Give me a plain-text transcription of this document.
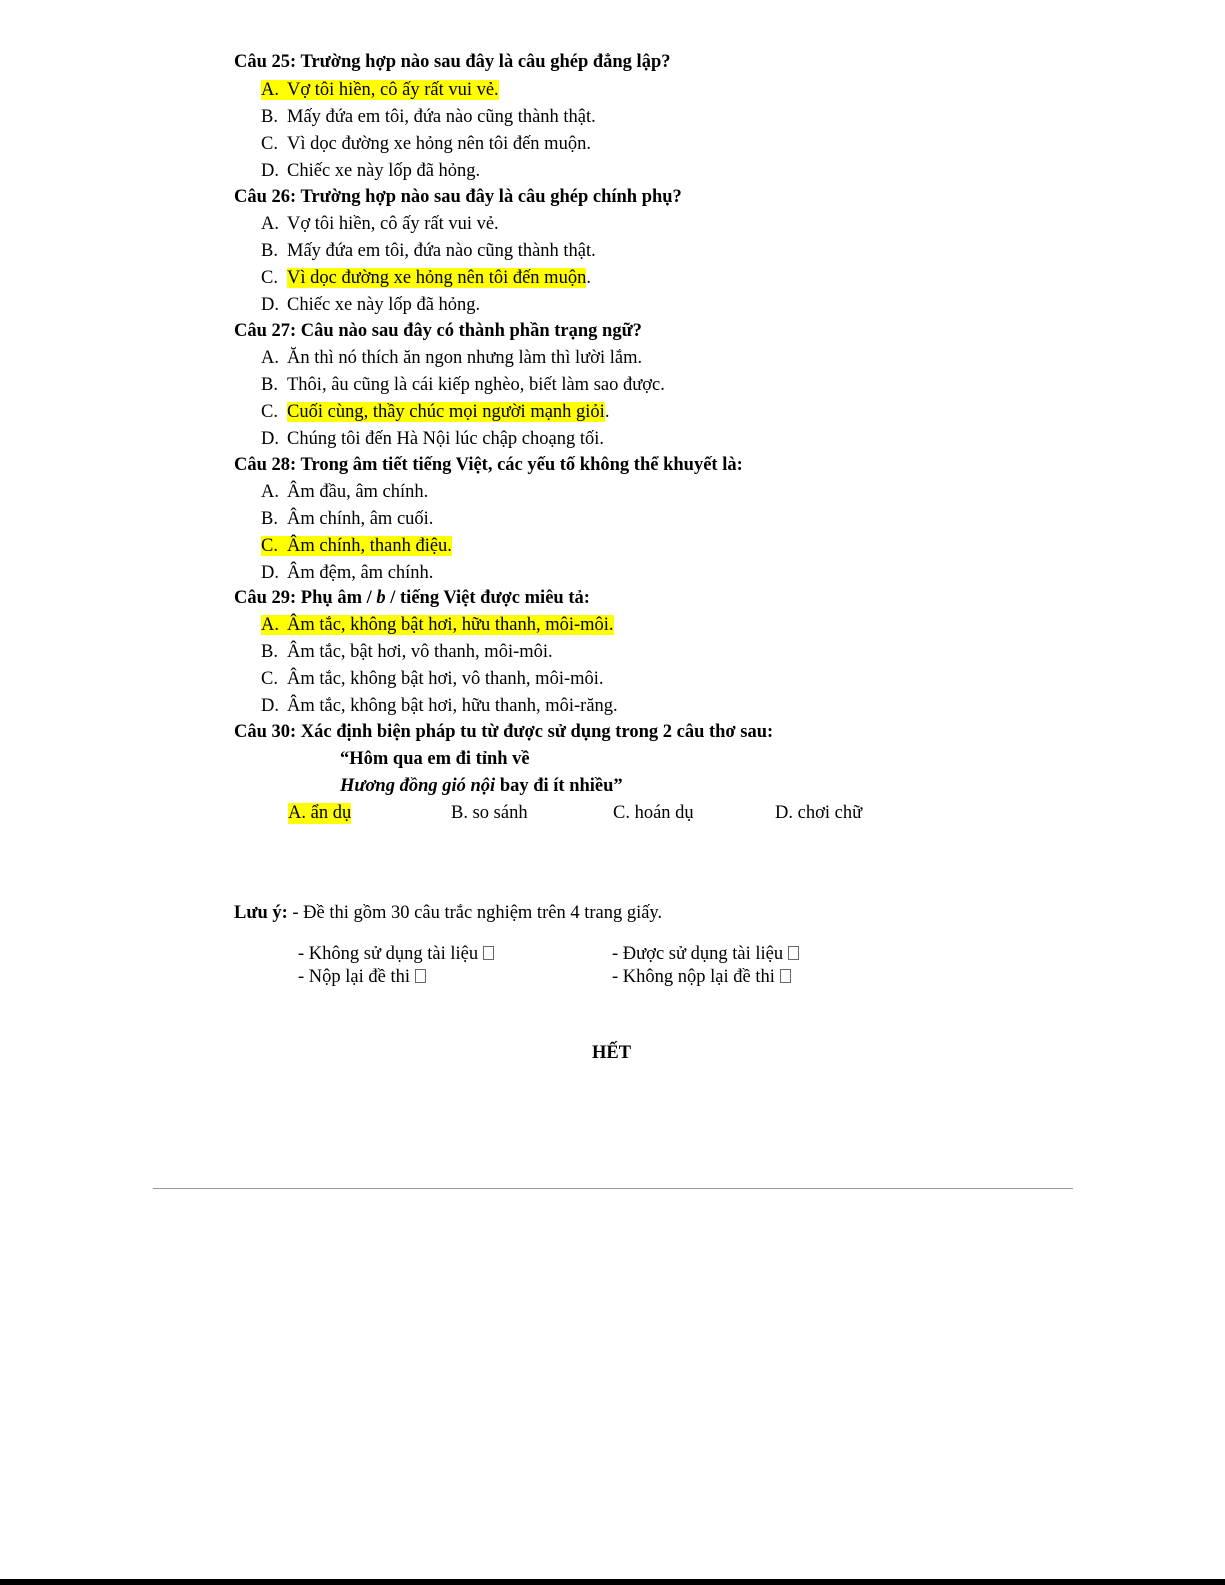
Câu 25: Trường hợp nào sau đây là câu ghép đẳng lập?
A. Vợ tôi hiền, cô ấy rất vui vẻ.
B. Mấy đứa em tôi, đứa nào cũng thành thật.
C. Vì dọc đường xe hỏng nên tôi đến muộn.
D. Chiếc xe này lốp đã hỏng.
Câu 26: Trường hợp nào sau đây là câu ghép chính phụ?
A. Vợ tôi hiền, cô ấy rất vui vẻ.
B. Mấy đứa em tôi, đứa nào cũng thành thật.
C. Vì dọc đường xe hỏng nên tôi đến muộn.
D. Chiếc xe này lốp đã hỏng.
Câu 27: Câu nào sau đây có thành phần trạng ngữ?
A. Ăn thì nó thích ăn ngon nhưng làm thì lười lắm.
B. Thôi, âu cũng là cái kiếp nghèo, biết làm sao được.
C. Cuối cùng, thầy chúc mọi người mạnh giỏi.
D. Chúng tôi đến Hà Nội lúc chập choạng tối.
Câu 28: Trong âm tiết tiếng Việt, các yếu tố không thể khuyết là:
A. Âm đầu, âm chính.
B. Âm chính, âm cuối.
C. Âm chính, thanh điệu.
D. Âm đệm, âm chính.
Câu 29: Phụ âm / b / tiếng Việt được miêu tả:
A. Âm tắc, không bật hơi, hữu thanh, môi-môi.
B. Âm tắc, bật hơi, vô thanh, môi-môi.
C. Âm tắc, không bật hơi, vô thanh, môi-môi.
D. Âm tắc, không bật hơi, hữu thanh, môi-răng.
Câu 30: Xác định biện pháp tu từ được sử dụng trong 2 câu thơ sau:
“Hôm qua em đi tỉnh về
Hương đồng gió nội bay đi ít nhiều”
A. ẩn dụ	B. so sánh	C. hoán dụ	D. chơi chữ
Lưu ý: - Đề thi gồm 30 câu trắc nghiệm trên 4 trang giấy.
- Không sử dụng tài liệu	- Được sử dụng tài liệu
- Nộp lại đề thi	- Không nộp lại đề thi
HẾT
